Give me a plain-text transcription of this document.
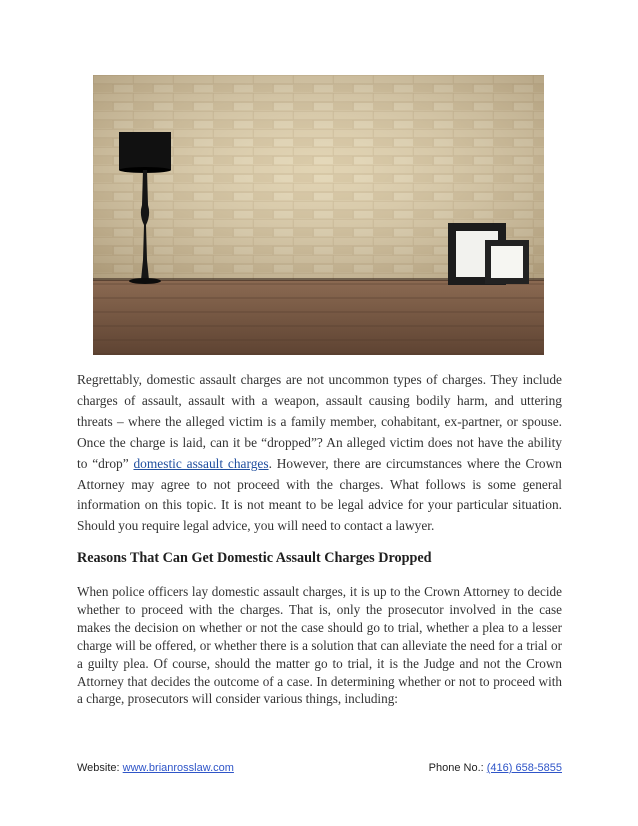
Regrettably, domestic assault charges are not uncommon types of charges. They include charges of assault, assault with a weapon, assault causing bodily harm, and uttering threats – where the alleged victim is a family member, cohabitant, ex-partner, or spouse. Once the charge is laid, can it be “dropped”? An alleged victim does not have the ability to “drop” domestic assault charges. However, there are circumstances where the Crown Attorney may agree to not proceed with the charges. What follows is some general information on this topic. It is not meant to be legal advice for your particular situation. Should you require legal advice, you will need to contact a lawyer.

Reasons That Can Get Domestic Assault Charges Dropped

When police officers lay domestic assault charges, it is up to the Crown Attorney to decide whether to proceed with the charges. That is, only the prosecutor involved in the case makes the decision on whether or not the case should go to trial, whether a plea to a lesser charge will be offered, or whether there is a solution that can alleviate the need for a trial or a guilty plea. Of course, should the matter go to trial, it is the Judge and not the Crown Attorney that decides the outcome of a case. In determining whether or not to proceed with a charge, prosecutors will consider various things, including:

Website: www.brianrosslaw.com	Phone No.: (416) 658-5855
